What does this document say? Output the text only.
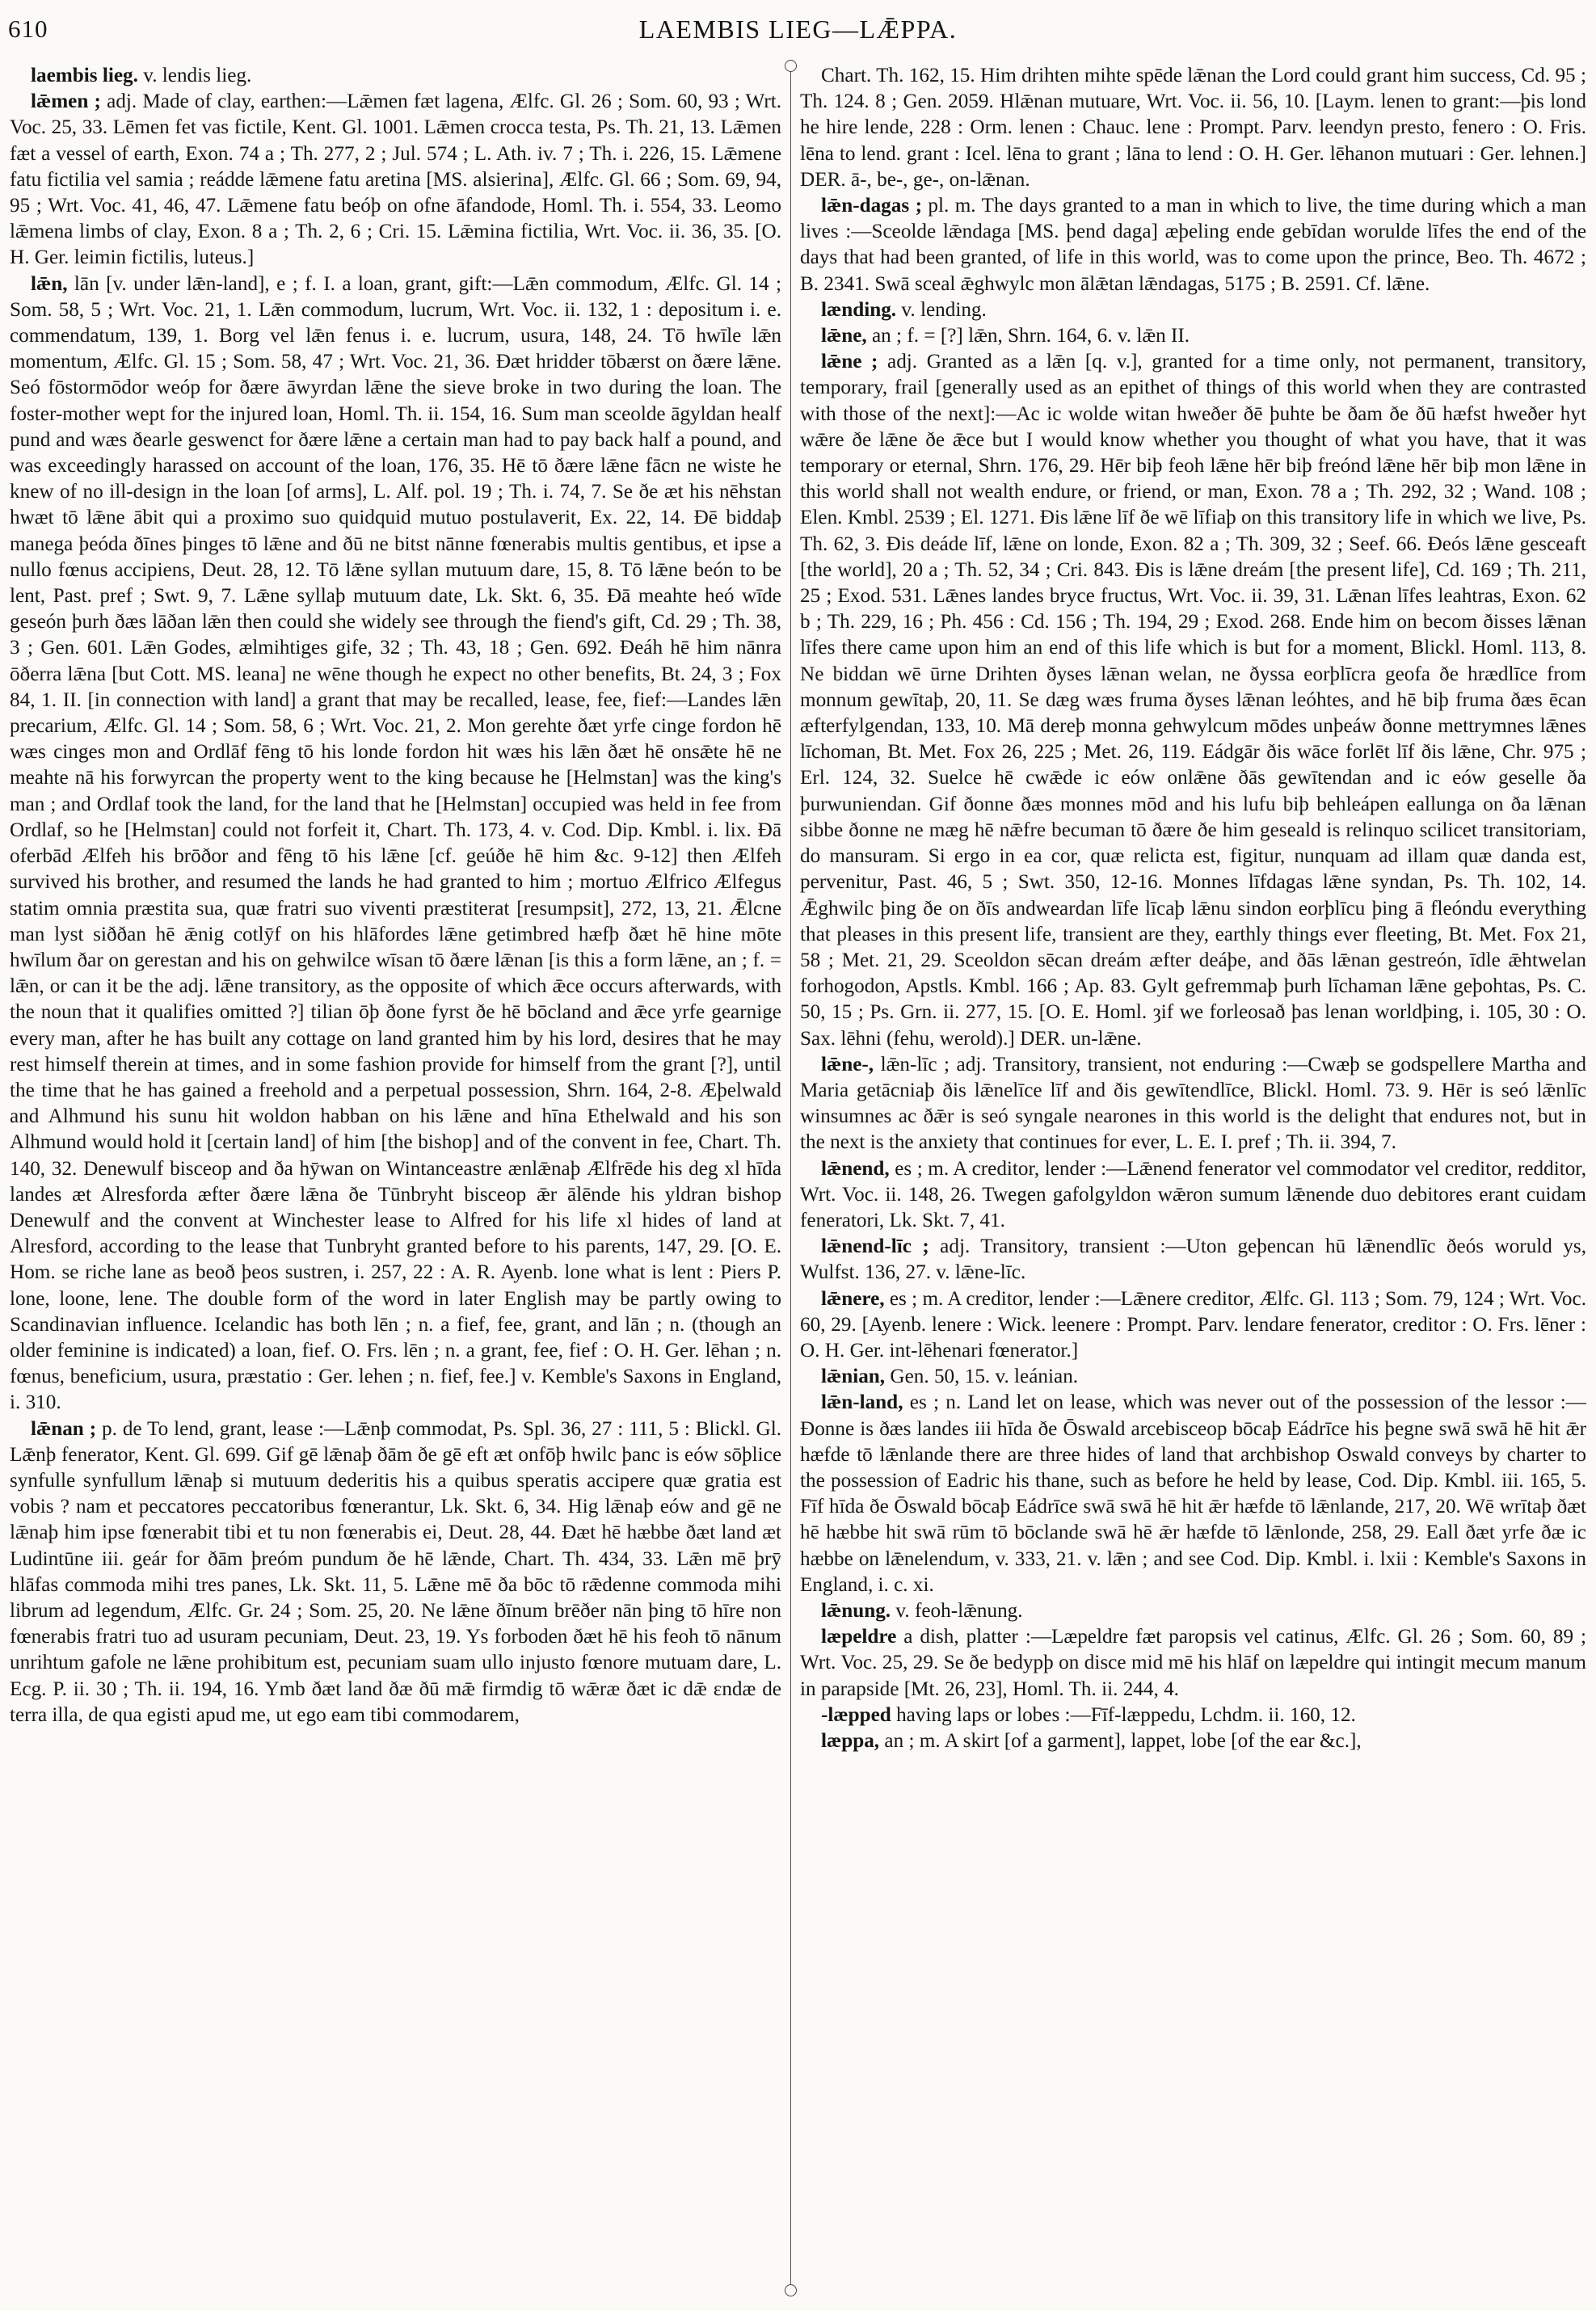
610	LAEMBIS LIEG—LǢPPA.

laembis lieg. v. lendis lieg.

lǣmen ; adj. Made of clay, earthen:—Lǣmen fæt lagena, Ælfc. Gl. 26 ; Som. 60, 93 ; Wrt. Voc. 25, 33. Lēmen fet vas fictile, Kent. Gl. 1001. Lǣmen crocca testa, Ps. Th. 21, 13. Lǣmen fæt a vessel of earth, Exon. 74 a ; Th. 277, 2 ; Jul. 574 ; L. Ath. iv. 7 ; Th. i. 226, 15. Lǣmene fatu fictilia vel samia ; reádde lǣmene fatu aretina [MS. alsierina], Ælfc. Gl. 66 ; Som. 69, 94, 95 ; Wrt. Voc. 41, 46, 47. Lǣmene fatu beóþ on ofne āfandode, Homl. Th. i. 554, 33. Leomo lǣmena limbs of clay, Exon. 8 a ; Th. 2, 6 ; Cri. 15. Lǣmina fictilia, Wrt. Voc. ii. 36, 35. [O. H. Ger. leimin fictilis, luteus.]

lǣn, lān [v. under lǣn-land], e ; f. I. a loan, grant, gift:—Lǣn commodum, Ælfc. Gl. 14 ; Som. 58, 5 ; Wrt. Voc. 21, 1. Lǣn commodum, lucrum, Wrt. Voc. ii. 132, 1 : depositum i. e. commendatum, 139, 1. Borg vel lǣn fenus i. e. lucrum, usura, 148, 24. Tō hwīle lǣn momentum, Ælfc. Gl. 15 ; Som. 58, 47 ; Wrt. Voc. 21, 36. Ðæt hridder tōbærst on ðære lǣne. Seó fōstormōdor weóp for ðære āwyrdan lǣne the sieve broke in two during the loan. The foster-mother wept for the injured loan, Homl. Th. ii. 154, 16. Sum man sceolde āgyldan healf pund and wæs ðearle geswenct for ðære lǣne a certain man had to pay back half a pound, and was exceedingly harassed on account of the loan, 176, 35. Hē tō ðære lǣne fācn ne wiste he knew of no ill-design in the loan [of arms], L. Alf. pol. 19 ; Th. i. 74, 7. Se ðe æt his nēhstan hwæt tō lǣne ābit qui a proximo suo quidquid mutuo postulaverit, Ex. 22, 14. Ðē biddaþ manega þeóda ðīnes þinges tō lǣne and ðū ne bitst nānne fœnerabis multis gentibus, et ipse a nullo fœnus accipiens, Deut. 28, 12. Tō lǣne syllan mutuum dare, 15, 8. Tō lǣne beón to be lent, Past. pref ; Swt. 9, 7. Lǣne syllaþ mutuum date, Lk. Skt. 6, 35. Ðā meahte heó wīde geseón þurh ðæs lāðan lǣn then could she widely see through the fiend's gift, Cd. 29 ; Th. 38, 3 ; Gen. 601. Lǣn Godes, ælmihtiges gife, 32 ; Th. 43, 18 ; Gen. 692. Ðeáh hē him nānra ōðerra lǣna [but Cott. MS. leana] ne wēne though he expect no other benefits, Bt. 24, 3 ; Fox 84, 1. II. [in connection with land] a grant that may be recalled, lease, fee, fief:—Landes lǣn precarium, Ælfc. Gl. 14 ; Som. 58, 6 ; Wrt. Voc. 21, 2. Mon gerehte ðæt yrfe cinge fordon hē wæs cinges mon and Ordlāf fēng tō his londe fordon hit wæs his lǣn ðæt hē onsǣte hē ne meahte nā his forwyrcan the property went to the king because he [Helmstan] was the king's man ; and Ordlaf took the land, for the land that he [Helmstan] occupied was held in fee from Ordlaf, so he [Helmstan] could not forfeit it, Chart. Th. 173, 4. v. Cod. Dip. Kmbl. i. lix. Ðā oferbād Ælfeh his brōðor and fēng tō his lǣne [cf. geúðe hē him &c. 9-12] then Ælfeh survived his brother, and resumed the lands he had granted to him ; mortuo Ælfrico Ælfegus statim omnia præstita sua, quæ fratri suo viventi præstiterat [resumpsit], 272, 13, 21. Ǣlcne man lyst siððan hē ǣnig cotlȳf on his hlāfordes lǣne getimbred hæfþ ðæt hē hine mōte hwīlum ðar on gerestan and his on gehwilce wīsan tō ðære lǣnan [is this a form lǣne, an ; f. = lǣn, or can it be the adj. lǣne transitory, as the opposite of which ǣce occurs afterwards, with the noun that it qualifies omitted ?] tilian ōþ ðone fyrst ðe hē bōcland and ǣce yrfe gearnige every man, after he has built any cottage on land granted him by his lord, desires that he may rest himself therein at times, and in some fashion provide for himself from the grant [?], until the time that he has gained a freehold and a perpetual possession, Shrn. 164, 2-8. Æþelwald and Alhmund his sunu hit woldon habban on his lǣne and hīna Ethelwald and his son Alhmund would hold it [certain land] of him [the bishop] and of the convent in fee, Chart. Th. 140, 32. Denewulf bisceop and ða hȳwan on Wintanceastre ænlǣnaþ Ælfrēde his deg xl hīda landes æt Alresforda æfter ðære lǣna ðe Tūnbryht bisceop ǣr ālēnde his yldran bishop Denewulf and the convent at Winchester lease to Alfred for his life xl hides of land at Alresford, according to the lease that Tunbryht granted before to his parents, 147, 29. [O. E. Hom. se riche lane as beoð þeos sustren, i. 257, 22 : A. R. Ayenb. lone what is lent : Piers P. lone, loone, lene. The double form of the word in later English may be partly owing to Scandinavian influence. Icelandic has both lēn ; n. a fief, fee, grant, and lān ; n. (though an older feminine is indicated) a loan, fief. O. Frs. lēn ; n. a grant, fee, fief : O. H. Ger. lēhan ; n. fœnus, beneficium, usura, præstatio : Ger. lehen ; n. fief, fee.] v. Kemble's Saxons in England, i. 310.

lǣnan ; p. de To lend, grant, lease :—Lǣnþ commodat, Ps. Spl. 36, 27 : 111, 5 : Blickl. Gl. Lǣnþ fenerator, Kent. Gl. 699. Gif gē lǣnaþ ðām ðe gē eft æt onfōþ hwilc þanc is eów sōþlice synfulle synfullum lǣnaþ si mutuum dederitis his a quibus speratis accipere quæ gratia est vobis ? nam et peccatores peccatoribus fœnerantur, Lk. Skt. 6, 34. Hig lǣnaþ eów and gē ne lǣnaþ him ipse fœnerabit tibi et tu non fœnerabis ei, Deut. 28, 44. Ðæt hē hæbbe ðæt land æt Ludintūne iii. geár for ðām þreóm pundum ðe hē lǣnde, Chart. Th. 434, 33. Lǣn mē þrȳ hlāfas commoda mihi tres panes, Lk. Skt. 11, 5. Lǣne mē ða bōc tō rǣdenne commoda mihi librum ad legendum, Ælfc. Gr. 24 ; Som. 25, 20. Ne lǣne ðīnum brēðer nān þing tō hīre non fœnerabis fratri tuo ad usuram pecuniam, Deut. 23, 19. Ys forboden ðæt hē his feoh tō nānum unrihtum gafole ne lǣne prohibitum est, pecuniam suam ullo injusto fœnore mutuam dare, L. Ecg. P. ii. 30 ; Th. ii. 194, 16. Ymb ðæt land ðæ ðū mǣ firmdig tō wǣræ ðæt ic dǣ ɛndæ de terra illa, de qua egisti apud me, ut ego eam tibi commodarem,

Chart. Th. 162, 15. Him drihten mihte spēde lǣnan the Lord could grant him success, Cd. 95 ; Th. 124. 8 ; Gen. 2059. Hlǣnan mutuare, Wrt. Voc. ii. 56, 10. [Laym. lenen to grant:—þis lond he hire lende, 228 : Orm. lenen : Chauc. lene : Prompt. Parv. leendyn presto, fenero : O. Fris. lēna to lend. grant : Icel. lēna to grant ; lāna to lend : O. H. Ger. lēhanon mutuari : Ger. lehnen.] DER. ā-, be-, ge-, on-lǣnan.

lǣn-dagas ; pl. m. The days granted to a man in which to live, the time during which a man lives :—Sceolde lǣndaga [MS. þend daga] æþeling ende gebīdan worulde līfes the end of the days that had been granted, of life in this world, was to come upon the prince, Beo. Th. 4672 ; B. 2341. Swā sceal ǣghwylc mon ālǣtan lǣndagas, 5175 ; B. 2591. Cf. lǣne.

lænding. v. lending.

lǣne, an ; f. = [?] lǣn, Shrn. 164, 6. v. lǣn II.

lǣne ; adj. Granted as a lǣn [q. v.], granted for a time only, not permanent, transitory, temporary, frail [generally used as an epithet of things of this world when they are contrasted with those of the next]:—Ac ic wolde witan hweðer ðē þuhte be ðam ðe ðū hæfst hweðer hyt wǣre ðe lǣne ðe ǣce but I would know whether you thought of what you have, that it was temporary or eternal, Shrn. 176, 29. Hēr biþ feoh lǣne hēr biþ freónd lǣne hēr biþ mon lǣne in this world shall not wealth endure, or friend, or man, Exon. 78 a ; Th. 292, 32 ; Wand. 108 ; Elen. Kmbl. 2539 ; El. 1271. Ðis lǣne līf ðe wē līfiaþ on this transitory life in which we live, Ps. Th. 62, 3. Ðis deáde līf, lǣne on londe, Exon. 82 a ; Th. 309, 32 ; Seef. 66. Ðeós lǣne gesceaft [the world], 20 a ; Th. 52, 34 ; Cri. 843. Ðis is lǣne dreám [the present life], Cd. 169 ; Th. 211, 25 ; Exod. 531. Lǣnes landes bryce fructus, Wrt. Voc. ii. 39, 31. Lǣnan līfes leahtras, Exon. 62 b ; Th. 229, 16 ; Ph. 456 : Cd. 156 ; Th. 194, 29 ; Exod. 268. Ende him on becom ðisses lǣnan līfes there came upon him an end of this life which is but for a moment, Blickl. Homl. 113, 8. Ne biddan wē ūrne Drihten ðyses lǣnan welan, ne ðyssa eorþlīcra geofa ðe hrædlīce from monnum gewītaþ, 20, 11. Se dæg wæs fruma ðyses lǣnan leóhtes, and hē biþ fruma ðæs ēcan æfterfylgendan, 133, 10. Mā dereþ monna gehwylcum mōdes unþeáw ðonne mettrymnes lǣnes līchoman, Bt. Met. Fox 26, 225 ; Met. 26, 119. Eádgār ðis wāce forlēt līf ðis lǣne, Chr. 975 ; Erl. 124, 32. Suelce hē cwǣde ic eów onlǣne ðās gewītendan and ic eów geselle ða þurwuniendan. Gif ðonne ðæs monnes mōd and his lufu biþ behleápen eallunga on ða lǣnan sibbe ðonne ne mæg hē nǣfre becuman tō ðære ðe him geseald is relinquo scilicet transitoriam, do mansuram. Si ergo in ea cor, quæ relicta est, figitur, nunquam ad illam quæ danda est, pervenitur, Past. 46, 5 ; Swt. 350, 12-16. Monnes līfdagas lǣne syndan, Ps. Th. 102, 14. Ǣghwilc þing ðe on ðīs andweardan līfe līcaþ lǣnu sindon eorþlīcu þing ā fleóndu everything that pleases in this present life, transient are they, earthly things ever fleeting, Bt. Met. Fox 21, 58 ; Met. 21, 29. Sceoldon sēcan dreám æfter deáþe, and ðās lǣnan gestreón, īdle ǣhtwelan forhogodon, Apstls. Kmbl. 166 ; Ap. 83. Gylt gefremmaþ þurh līchaman lǣne geþohtas, Ps. C. 50, 15 ; Ps. Grn. ii. 277, 15. [O. E. Homl. ȝif we forleosað þas lenan worldþing, i. 105, 30 : O. Sax. lēhni (fehu, werold).] DER. un-lǣne.

lǣne-, lǣn-līc ; adj. Transitory, transient, not enduring :—Cwæþ se godspellere Martha and Maria getācniaþ ðis lǣnelīce līf and ðis gewītendlīce, Blickl. Homl. 73. 9. Hēr is seó lǣnlīc winsumnes ac ðǣr is seó syngale nearones in this world is the delight that endures not, but in the next is the anxiety that continues for ever, L. E. I. pref ; Th. ii. 394, 7.

lǣnend, es ; m. A creditor, lender :—Lǣnend fenerator vel commodator vel creditor, redditor, Wrt. Voc. ii. 148, 26. Twegen gafolgyldon wǣron sumum lǣnende duo debitores erant cuidam feneratori, Lk. Skt. 7, 41.

lǣnend-līc ; adj. Transitory, transient :—Uton geþencan hū lǣnendlīc ðeós woruld ys, Wulfst. 136, 27. v. lǣne-līc.

lǣnere, es ; m. A creditor, lender :—Lǣnere creditor, Ælfc. Gl. 113 ; Som. 79, 124 ; Wrt. Voc. 60, 29. [Ayenb. lenere : Wick. leenere : Prompt. Parv. lendare fenerator, creditor : O. Frs. lēner : O. H. Ger. int-lēhenari fœnerator.]

lǣnian, Gen. 50, 15. v. leánian.

lǣn-land, es ; n. Land let on lease, which was never out of the possession of the lessor :—Ðonne is ðæs landes iii hīda ðe Ōswald arcebisceop bōcaþ Eádrīce his þegne swā swā hē hit ǣr hæfde tō lǣnlande there are three hides of land that archbishop Oswald conveys by charter to the possession of Eadric his thane, such as before he held by lease, Cod. Dip. Kmbl. iii. 165, 5. Fīf hīda ðe Ōswald bōcaþ Eádrīce swā swā hē hit ǣr hæfde tō lǣnlande, 217, 20. Wē wrītaþ ðæt hē hæbbe hit swā rūm tō bōclande swā hē ǣr hæfde tō lǣnlonde, 258, 29. Eall ðæt yrfe ðæ ic hæbbe on lǣnelendum, v. 333, 21. v. lǣn ; and see Cod. Dip. Kmbl. i. lxii : Kemble's Saxons in England, i. c. xi.

lǣnung. v. feoh-lǣnung.

læpeldre a dish, platter :—Læpeldre fæt paropsis vel catinus, Ælfc. Gl. 26 ; Som. 60, 89 ; Wrt. Voc. 25, 29. Se ðe bedypþ on disce mid mē his hlāf on læpeldre qui intingit mecum manum in parapside [Mt. 26, 23], Homl. Th. ii. 244, 4.

-læpped having laps or lobes :—Fīf-læppedu, Lchdm. ii. 160, 12.

læppa, an ; m. A skirt [of a garment], lappet, lobe [of the ear &c.],
